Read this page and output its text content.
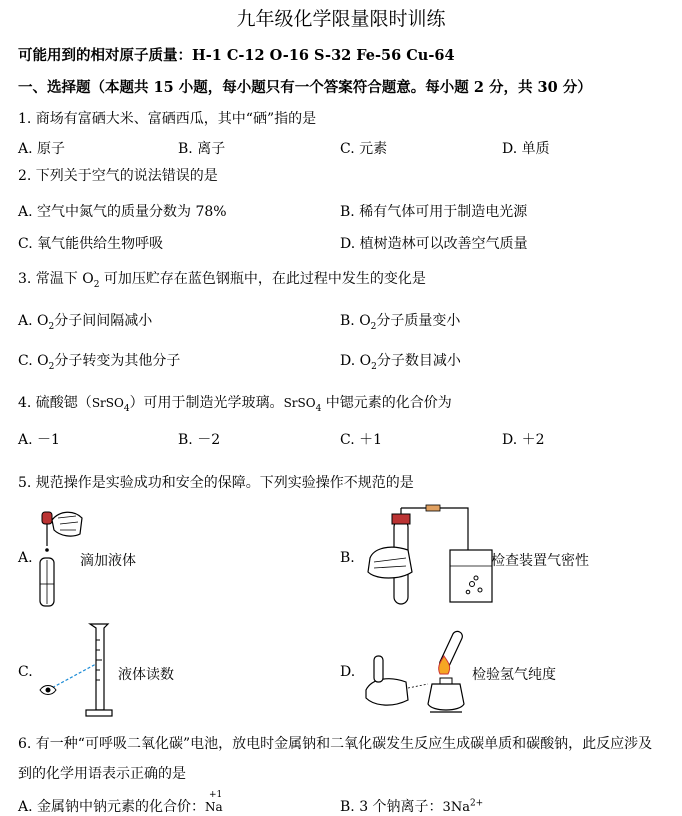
九年级化学限量限时训练
可能用到的相对原子质量：H-1 C-12 O-16 S-32 Fe-56 Cu-64
一、选择题（本题共 15 小题，每小题只有一个答案符合题意。每小题 2 分，共 30 分）
1. 商场有富硒大米、富硒西瓜，其中“硒”指的是
A. 原子	B. 离子	C. 元素	D. 单质
2. 下列关于空气的说法错误的是
A. 空气中氮气的质量分数为 78%	B. 稀有气体可用于制造电光源
C. 氧气能供给生物呼吸	D. 植树造林可以改善空气质量
3. 常温下 $O_2$ 可加压贮存在蓝色钢瓶中，在此过程中发生的变化是
A. $O_2$分子间间隔减小	B. $O_2$分子质量变小
C. $O_2$分子转变为其他分子	D. $O_2$分子数目减小
4. 硫酸锶（SrSO$_4$）可用于制造光学玻璃。SrSO$_4$ 中锶元素的化合价为
A. －1	B. －2	C. ＋1	D. ＋2
5. 规范操作是实验成功和安全的保障。下列实验操作不规范的是
A.	滴加液体	B.	检查装置气密性
C.	液体读数	D.	检验氢气纯度
6. 有一种“可呼吸二氧化碳”电池，放电时金属钠和二氧化碳发生反应生成碳单质和碳酸钠，此反应涉及
到的化学用语表示正确的是
A. 金属钠中钠元素的化合价：
+1
Na	B. 3 个钠离子：$3Na^{2+}$
